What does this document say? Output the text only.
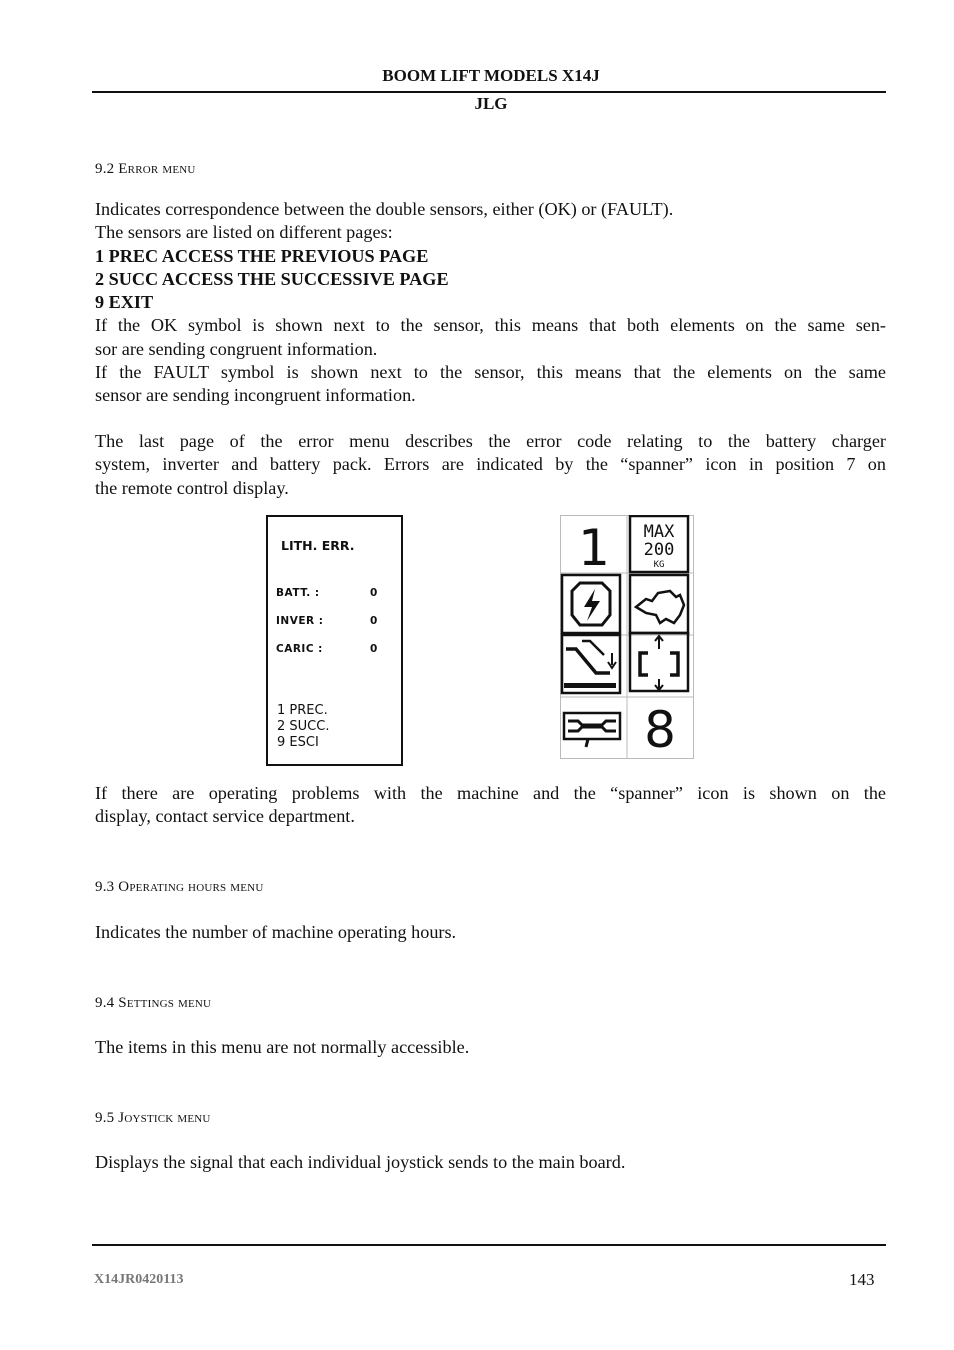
BOOM LIFT MODELS X14J
JLG
9.2 Error menu
Indicates correspondence between the double sensors, either (OK) or (FAULT).
The sensors are listed on different pages:
1 PREC ACCESS THE PREVIOUS PAGE
2 SUCC ACCESS THE SUCCESSIVE PAGE
9 EXIT
If the OK symbol is shown next to the sensor, this means that both elements on the same sen-
sor are sending congruent information.
If the FAULT symbol is shown next to the sensor, this means that the elements on the same
sensor are sending incongruent information.
The last page of the error menu describes the error code relating to the battery charger
system, inverter and battery pack. Errors are indicated by the “spanner” icon in position 7 on
the remote control display.
LITH. ERR.
BATT. :	0
INVER :	0
CARIC :	0
1 PREC.
2 SUCC.
9 ESCI
1 MAX
200
KG
8
If there are operating problems with the machine and the “spanner” icon is shown on the
display, contact service department.
9.3 Operating hours menu
Indicates the number of machine operating hours.
9.4 Settings menu
The items in this menu are not normally accessible.
9.5 Joystick menu
Displays the signal that each individual joystick sends to the main board.
X14JR0420113	143
